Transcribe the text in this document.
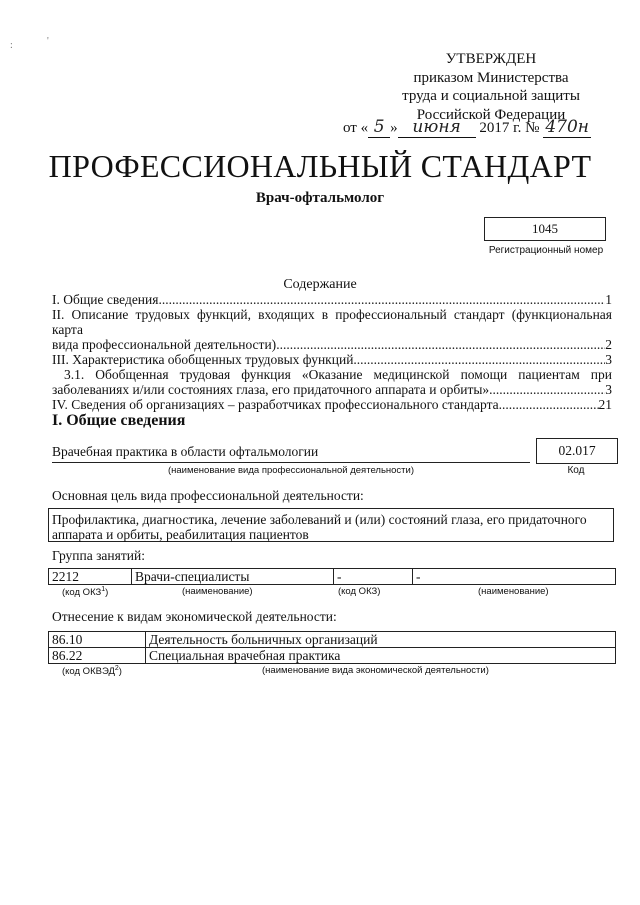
:	'
УТВЕРЖДЕН
приказом Министерства
труда и социальной защиты
Российской Федерации
от « 5 » июня 2017 г. № 470н
ПРОФЕССИОНАЛЬНЫЙ СТАНДАРТ
Врач-офтальмолог
1045
Регистрационный номер
Содержание
I. Общие сведения .....	1
II. Описание трудовых функций, входящих в профессиональный стандарт (функциональная карта
вида профессиональной деятельности) .....	2
III. Характеристика обобщенных трудовых функций .....	3
3.1. Обобщенная трудовая функция «Оказание медицинской помощи пациентам при
заболеваниях и/или состояниях глаза, его придаточного аппарата и орбиты» .....	3
IV. Сведения об организациях – разработчиках профессионального стандарта .....	21
I. Общие сведения
Врачебная практика в области офтальмологии	02.017
(наименование вида профессиональной деятельности)	Код
Основная цель вида профессиональной деятельности:
Профилактика, диагностика, лечение заболеваний и (или) состояний глаза, его придаточного аппарата и орбиты, реабилитация пациентов
Группа занятий:
2212	Врачи-специалисты	-	-
(код ОКЗ$^1$)	(наименование)	(код ОКЗ)	(наименование)
Отнесение к видам экономической деятельности:
86.10	Деятельность больничных организаций
86.22	Специальная врачебная практика
(код ОКВЭД$^2$)	(наименование вида экономической деятельности)
